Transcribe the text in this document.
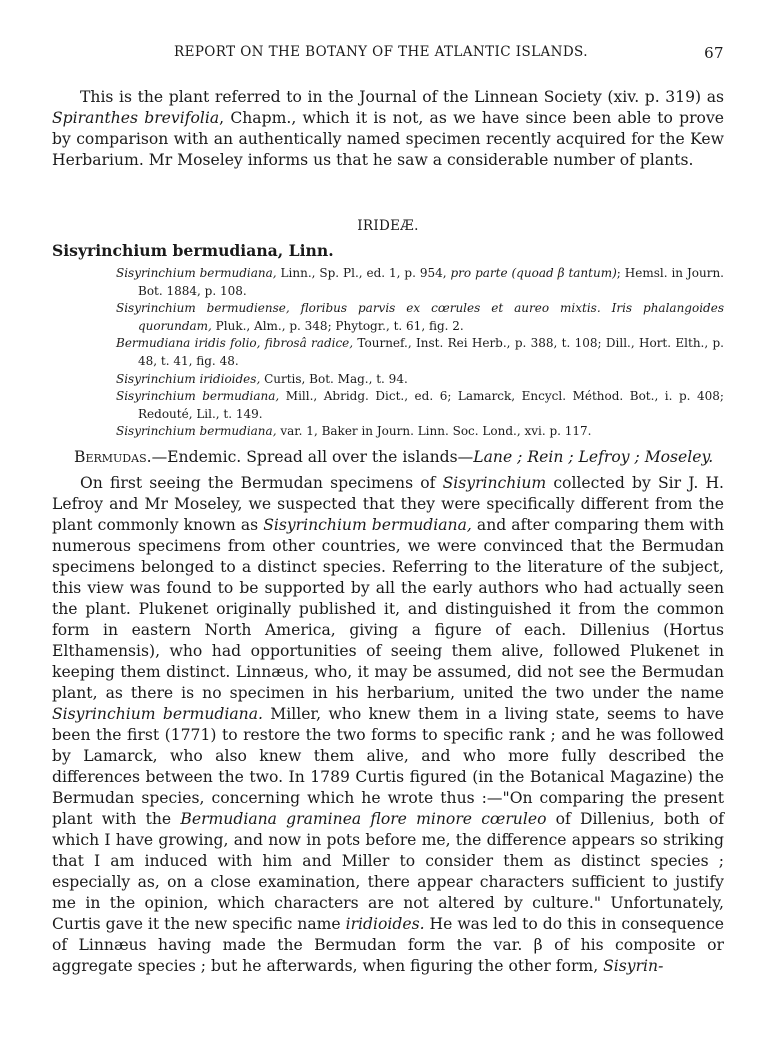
REPORT ON THE BOTANY OF THE ATLANTIC ISLANDS.	67

This is the plant referred to in the Journal of the Linnean Society (xiv. p. 319) as Spiranthes brevifolia, Chapm., which it is not, as we have since been able to prove by comparison with an authentically named specimen recently acquired for the Kew Herbarium. Mr Moseley informs us that he saw a considerable number of plants.

IRIDEÆ.
Sisyrinchium bermudiana, Linn.

Sisyrinchium bermudiana, Linn., Sp. Pl., ed. 1, p. 954, pro parte (quoad β tantum); Hemsl. in Journ. Bot. 1884, p. 108.

Sisyrinchium bermudiense, floribus parvis ex cœrules et aureo mixtis. Iris phalangoides quorundam, Pluk., Alm., p. 348; Phytogr., t. 61, fig. 2.

Bermudiana iridis folio, fibrosâ radice, Tournef., Inst. Rei Herb., p. 388, t. 108; Dill., Hort. Elth., p. 48, t. 41, fig. 48.

Sisyrinchium iridioides, Curtis, Bot. Mag., t. 94.

Sisyrinchium bermudiana, Mill., Abridg. Dict., ed. 6; Lamarck, Encycl. Méthod. Bot., i. p. 408; Redouté, Lil., t. 149.

Sisyrinchium bermudiana, var. 1, Baker in Journ. Linn. Soc. Lond., xvi. p. 117.

Bermudas.—Endemic. Spread all over the islands—Lane ; Rein ; Lefroy ; Moseley.

On first seeing the Bermudan specimens of Sisyrinchium collected by Sir J. H. Lefroy and Mr Moseley, we suspected that they were specifically different from the plant commonly known as Sisyrinchium bermudiana, and after comparing them with numerous specimens from other countries, we were convinced that the Bermudan specimens belonged to a distinct species. Referring to the literature of the subject, this view was found to be supported by all the early authors who had actually seen the plant. Plukenet originally published it, and distinguished it from the common form in eastern North America, giving a figure of each. Dillenius (Hortus Elthamensis), who had opportunities of seeing them alive, followed Plukenet in keeping them distinct. Linnæus, who, it may be assumed, did not see the Bermudan plant, as there is no specimen in his herbarium, united the two under the name Sisyrinchium bermudiana. Miller, who knew them in a living state, seems to have been the first (1771) to restore the two forms to specific rank ; and he was followed by Lamarck, who also knew them alive, and who more fully described the differences between the two. In 1789 Curtis figured (in the Botanical Magazine) the Bermudan species, concerning which he wrote thus :—"On comparing the present plant with the Bermudiana graminea flore minore cœruleo of Dillenius, both of which I have growing, and now in pots before me, the difference appears so striking that I am induced with him and Miller to consider them as distinct species ; especially as, on a close examination, there appear characters sufficient to justify me in the opinion, which characters are not altered by culture." Unfortunately, Curtis gave it the new specific name iridioides. He was led to do this in consequence of Linnæus having made the Bermudan form the var. β of his composite or aggregate species ; but he afterwards, when figuring the other form, Sisyrin-
